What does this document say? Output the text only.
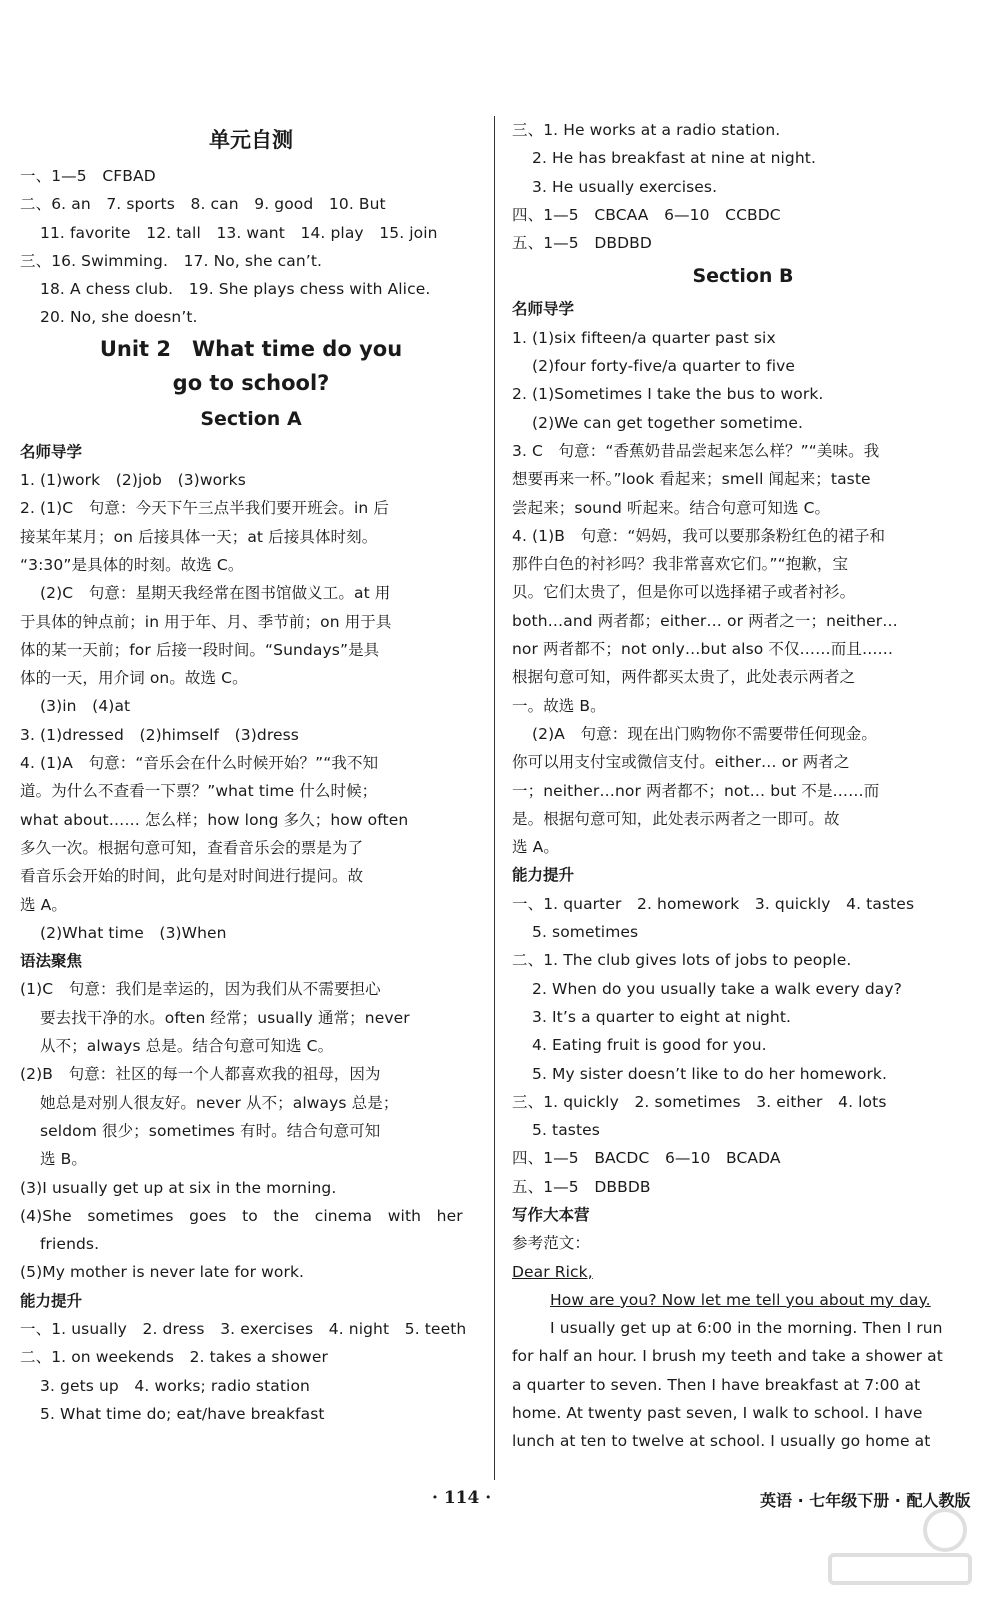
单元自测
一、1—5　CFBAD
二、6. an　7. sports　8. can　9. good　10. But
11. favorite　12. tall　13. want　14. play　15. join
三、16. Swimming.　17. No, she can’t.
18. A chess club.　19. She plays chess with Alice.
20. No, she doesn’t.
Unit 2　What time do you
go to school?
Section A
名师导学
1. (1)work　(2)job　(3)works
2. (1)C　句意：今天下午三点半我们要开班会。in 后
接某年某月；on 后接具体一天；at 后接具体时刻。
“3:30”是具体的时刻。故选 C。
(2)C　句意：星期天我经常在图书馆做义工。at 用
于具体的钟点前；in 用于年、月、季节前；on 用于具
体的某一天前；for 后接一段时间。“Sundays”是具
体的一天，用介词 on。故选 C。
(3)in　(4)at
3. (1)dressed　(2)himself　(3)dress
4. (1)A　句意：“音乐会在什么时候开始？”“我不知
道。为什么不查看一下票？”what time 什么时候；
what about…… 怎么样；how long 多久；how often
多久一次。根据句意可知，查看音乐会的票是为了
看音乐会开始的时间，此句是对时间进行提问。故
选 A。
(2)What time　(3)When
语法聚焦
(1)C　句意：我们是幸运的，因为我们从不需要担心
要去找干净的水。often 经常；usually 通常；never
从不；always 总是。结合句意可知选 C。
(2)B　句意：社区的每一个人都喜欢我的祖母，因为
她总是对别人很友好。never 从不；always 总是；
seldom 很少；sometimes 有时。结合句意可知
选 B。
(3)I usually get up at six in the morning.
(4)She　sometimes　goes　to　the　cinema　with　her
friends.
(5)My mother is never late for work.
能力提升
一、1. usually　2. dress　3. exercises　4. night　5. teeth
二、1. on weekends　2. takes a shower
3. gets up　4. works; radio station
5. What time do; eat/have breakfast
三、1. He works at a radio station.
2. He has breakfast at nine at night.
3. He usually exercises.
四、1—5　CBCAA　6—10　CCBDC
五、1—5　DBDBD
Section B
名师导学
1. (1)six fifteen/a quarter past six
(2)four forty-five/a quarter to five
2. (1)Sometimes I take the bus to work.
(2)We can get together sometime.
3. C　句意：“香蕉奶昔品尝起来怎么样？”“美味。我
想要再来一杯。”look 看起来；smell 闻起来；taste
尝起来；sound 听起来。结合句意可知选 C。
4. (1)B　句意：“妈妈，我可以要那条粉红色的裙子和
那件白色的衬衫吗？我非常喜欢它们。”“抱歉，宝
贝。它们太贵了，但是你可以选择裙子或者衬衫。
both…and 两者都；either… or 两者之一；neither…
nor 两者都不；not only…but also 不仅……而且……
根据句意可知，两件都买太贵了，此处表示两者之
一。故选 B。
(2)A　句意：现在出门购物你不需要带任何现金。
你可以用支付宝或微信支付。either… or 两者之
一；neither…nor 两者都不；not… but 不是……而
是。根据句意可知，此处表示两者之一即可。故
选 A。
能力提升
一、1. quarter　2. homework　3. quickly　4. tastes
5. sometimes
二、1. The club gives lots of jobs to people.
2. When do you usually take a walk every day?
3. It’s a quarter to eight at night.
4. Eating fruit is good for you.
5. My sister doesn’t like to do her homework.
三、1. quickly　2. sometimes　3. either　4. lots
5. tastes
四、1—5　BACDC　6—10　BCADA
五、1—5　DBBDB
写作大本营
参考范文：
Dear Rick,
How are you? Now let me tell you about my day.
I usually get up at 6:00 in the morning. Then I run
for half an hour. I brush my teeth and take a shower at
a quarter to seven. Then I have breakfast at 7:00 at
home. At twenty past seven, I walk to school. I have
lunch at ten to twelve at school. I usually go home at
· 114 ·	英语 · 七年级下册 · 配人教版
